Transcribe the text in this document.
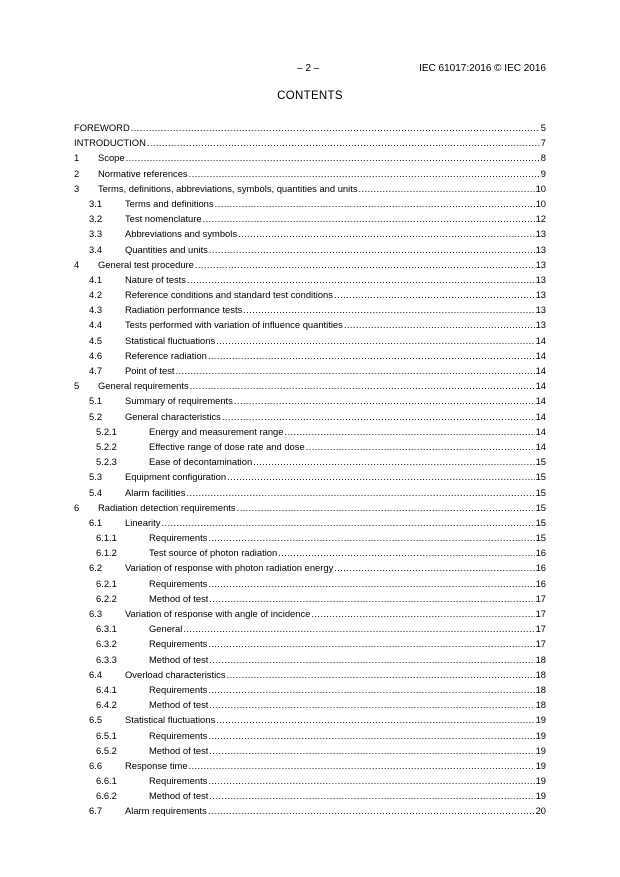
– 2 –	IEC 61017:2016 © IEC 2016
CONTENTS
FOREWORD .....	5
INTRODUCTION .....	7
1	Scope .....	8
2	Normative references .....	9
3	Terms, definitions, abbreviations, symbols, quantities and units .....	10
3.1	Terms and definitions .....	10
3.2	Test nomenclature .....	12
3.3	Abbreviations and symbols .....	13
3.4	Quantities and units .....	13
4	General test procedure .....	13
4.1	Nature of tests .....	13
4.2	Reference conditions and standard test conditions .....	13
4.3	Radiation performance tests .....	13
4.4	Tests performed with variation of influence quantities .....	13
4.5	Statistical fluctuations .....	14
4.6	Reference radiation .....	14
4.7	Point of test .....	14
5	General requirements .....	14
5.1	Summary of requirements .....	14
5.2	General characteristics .....	14
5.2.1	Energy and measurement range .....	14
5.2.2	Effective range of dose rate and dose .....	14
5.2.3	Ease of decontamination .....	15
5.3	Equipment configuration .....	15
5.4	Alarm facilities .....	15
6	Radiation detection requirements .....	15
6.1	Linearity .....	15
6.1.1	Requirements .....	15
6.1.2	Test source of photon radiation .....	16
6.2	Variation of response with photon radiation energy .....	16
6.2.1	Requirements .....	16
6.2.2	Method of test .....	17
6.3	Variation of response with angle of incidence .....	17
6.3.1	General .....	17
6.3.2	Requirements .....	17
6.3.3	Method of test .....	18
6.4	Overload characteristics .....	18
6.4.1	Requirements .....	18
6.4.2	Method of test .....	18
6.5	Statistical fluctuations .....	19
6.5.1	Requirements .....	19
6.5.2	Method of test .....	19
6.6	Response time .....	19
6.6.1	Requirements .....	19
6.6.2	Method of test .....	19
6.7	Alarm requirements .....	20
